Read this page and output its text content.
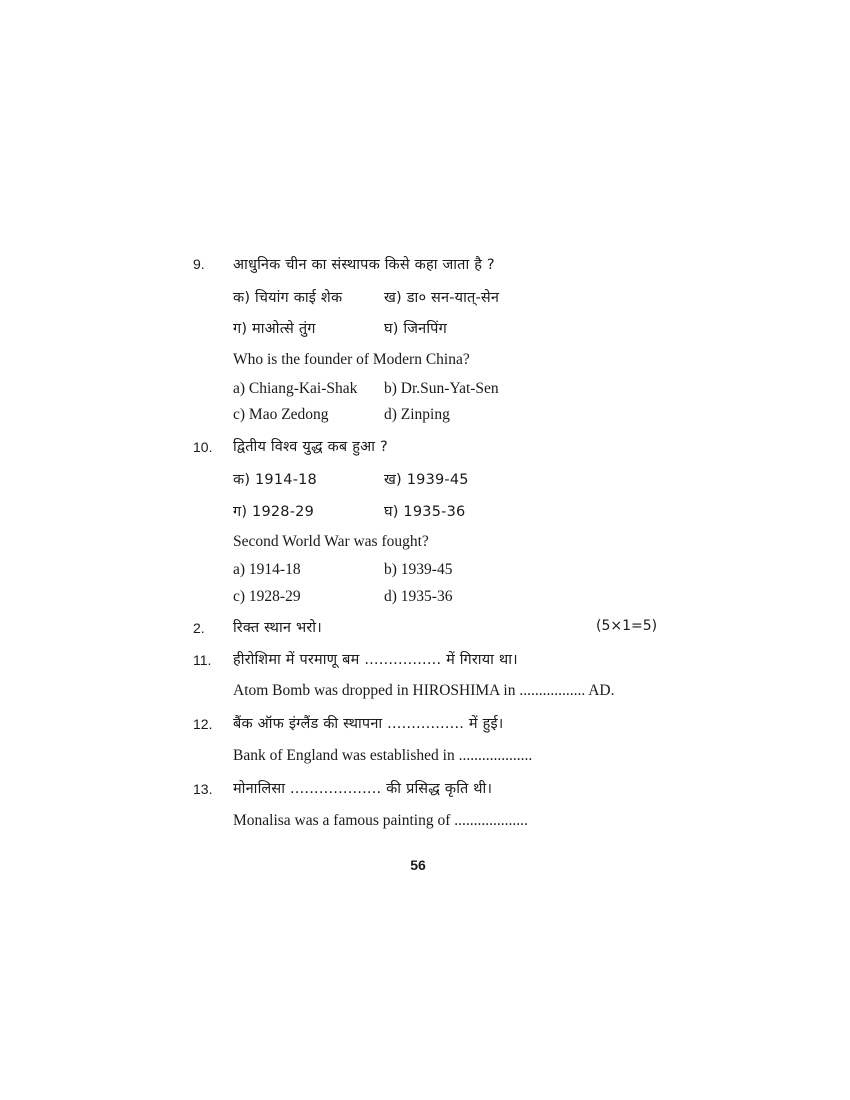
9. आधुनिक चीन का संस्थापक किसे कहा जाता है ?
क) चियांग काई शेक	ख) डा० सन-यात्-सेन
ग) माओत्से तुंग	घ) जिनपिंग
Who is the founder of Modern China?
a) Chiang-Kai-Shak b) Dr.Sun-Yat-Sen
c) Mao Zedong	d) Zinping
10. द्वितीय विश्व युद्ध कब हुआ ?
क) 1914-18	ख) 1939-45
ग) 1928-29	घ) 1935-36
Second World War was fought?
a) 1914-18	b) 1939-45
c) 1928-29	d) 1935-36
2. रिक्त स्थान भरो।	(5×1=5)
11. हीरोशिमा में परमाणू बम ................ में गिराया था।
Atom Bomb was dropped in HIROSHIMA in ................. AD.
12. बैंक ऑफ इंग्लैंड की स्थापना ................ में हुई।
Bank of England was established in ...................
13. मोनालिसा ................... की प्रसिद्ध कृति थी।
Monalisa was a famous painting of ...................
56
